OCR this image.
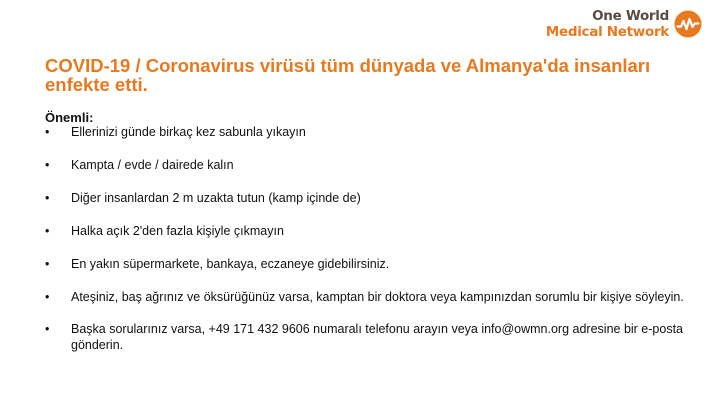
One World
Medical Network
COVID-19 / Coronavirus virüsü tüm dünyada ve Almanya'da insanları enfekte etti.

Önemli:

• Ellerinizi günde birkaç kez sabunla yıkayın
• Kampta / evde / dairede kalın
• Diğer insanlardan 2 m uzakta tutun (kamp içinde de)
• Halka açık 2'den fazla kişiyle çıkmayın
• En yakın süpermarkete, bankaya, eczaneye gidebilirsiniz.
• Ateşiniz, baş ağrınız ve öksürüğünüz varsa, kamptan bir doktora veya kampınızdan sorumlu bir kişiye söyleyin.
• Başka sorularınız varsa, +49 171 432 9606 numaralı telefonu arayın veya info@owmn.org adresine bir e-posta gönderin.
